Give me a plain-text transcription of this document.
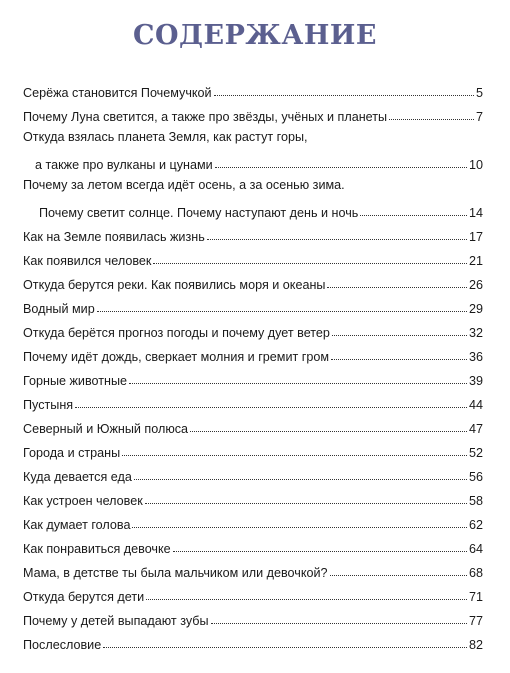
СОДЕРЖАНИЕ
Серёжа становится Почемучкой	5
Почему Луна светится, а также про звёзды, учёных и планеты	7
Откуда взялась планета Земля, как растут горы,
а также про вулканы и цунами	10
Почему за летом всегда идёт осень, а за осенью зима.
Почему светит солнце. Почему наступают день и ночь	14
Как на Земле появилась жизнь	17
Как появился человек	21
Откуда берутся реки. Как появились моря и океаны	26
Водный мир	29
Откуда берётся прогноз погоды и почему дует ветер	32
Почему идёт дождь, сверкает молния и гремит гром	36
Горные животные	39
Пустыня	44
Северный и Южный полюса	47
Города и страны	52
Куда девается еда	56
Как устроен человек	58
Как думает голова	62
Как понравиться девочке	64
Мама, в детстве ты была мальчиком или девочкой?	68
Откуда берутся дети	71
Почему у детей выпадают зубы	77
Послесловие	82
